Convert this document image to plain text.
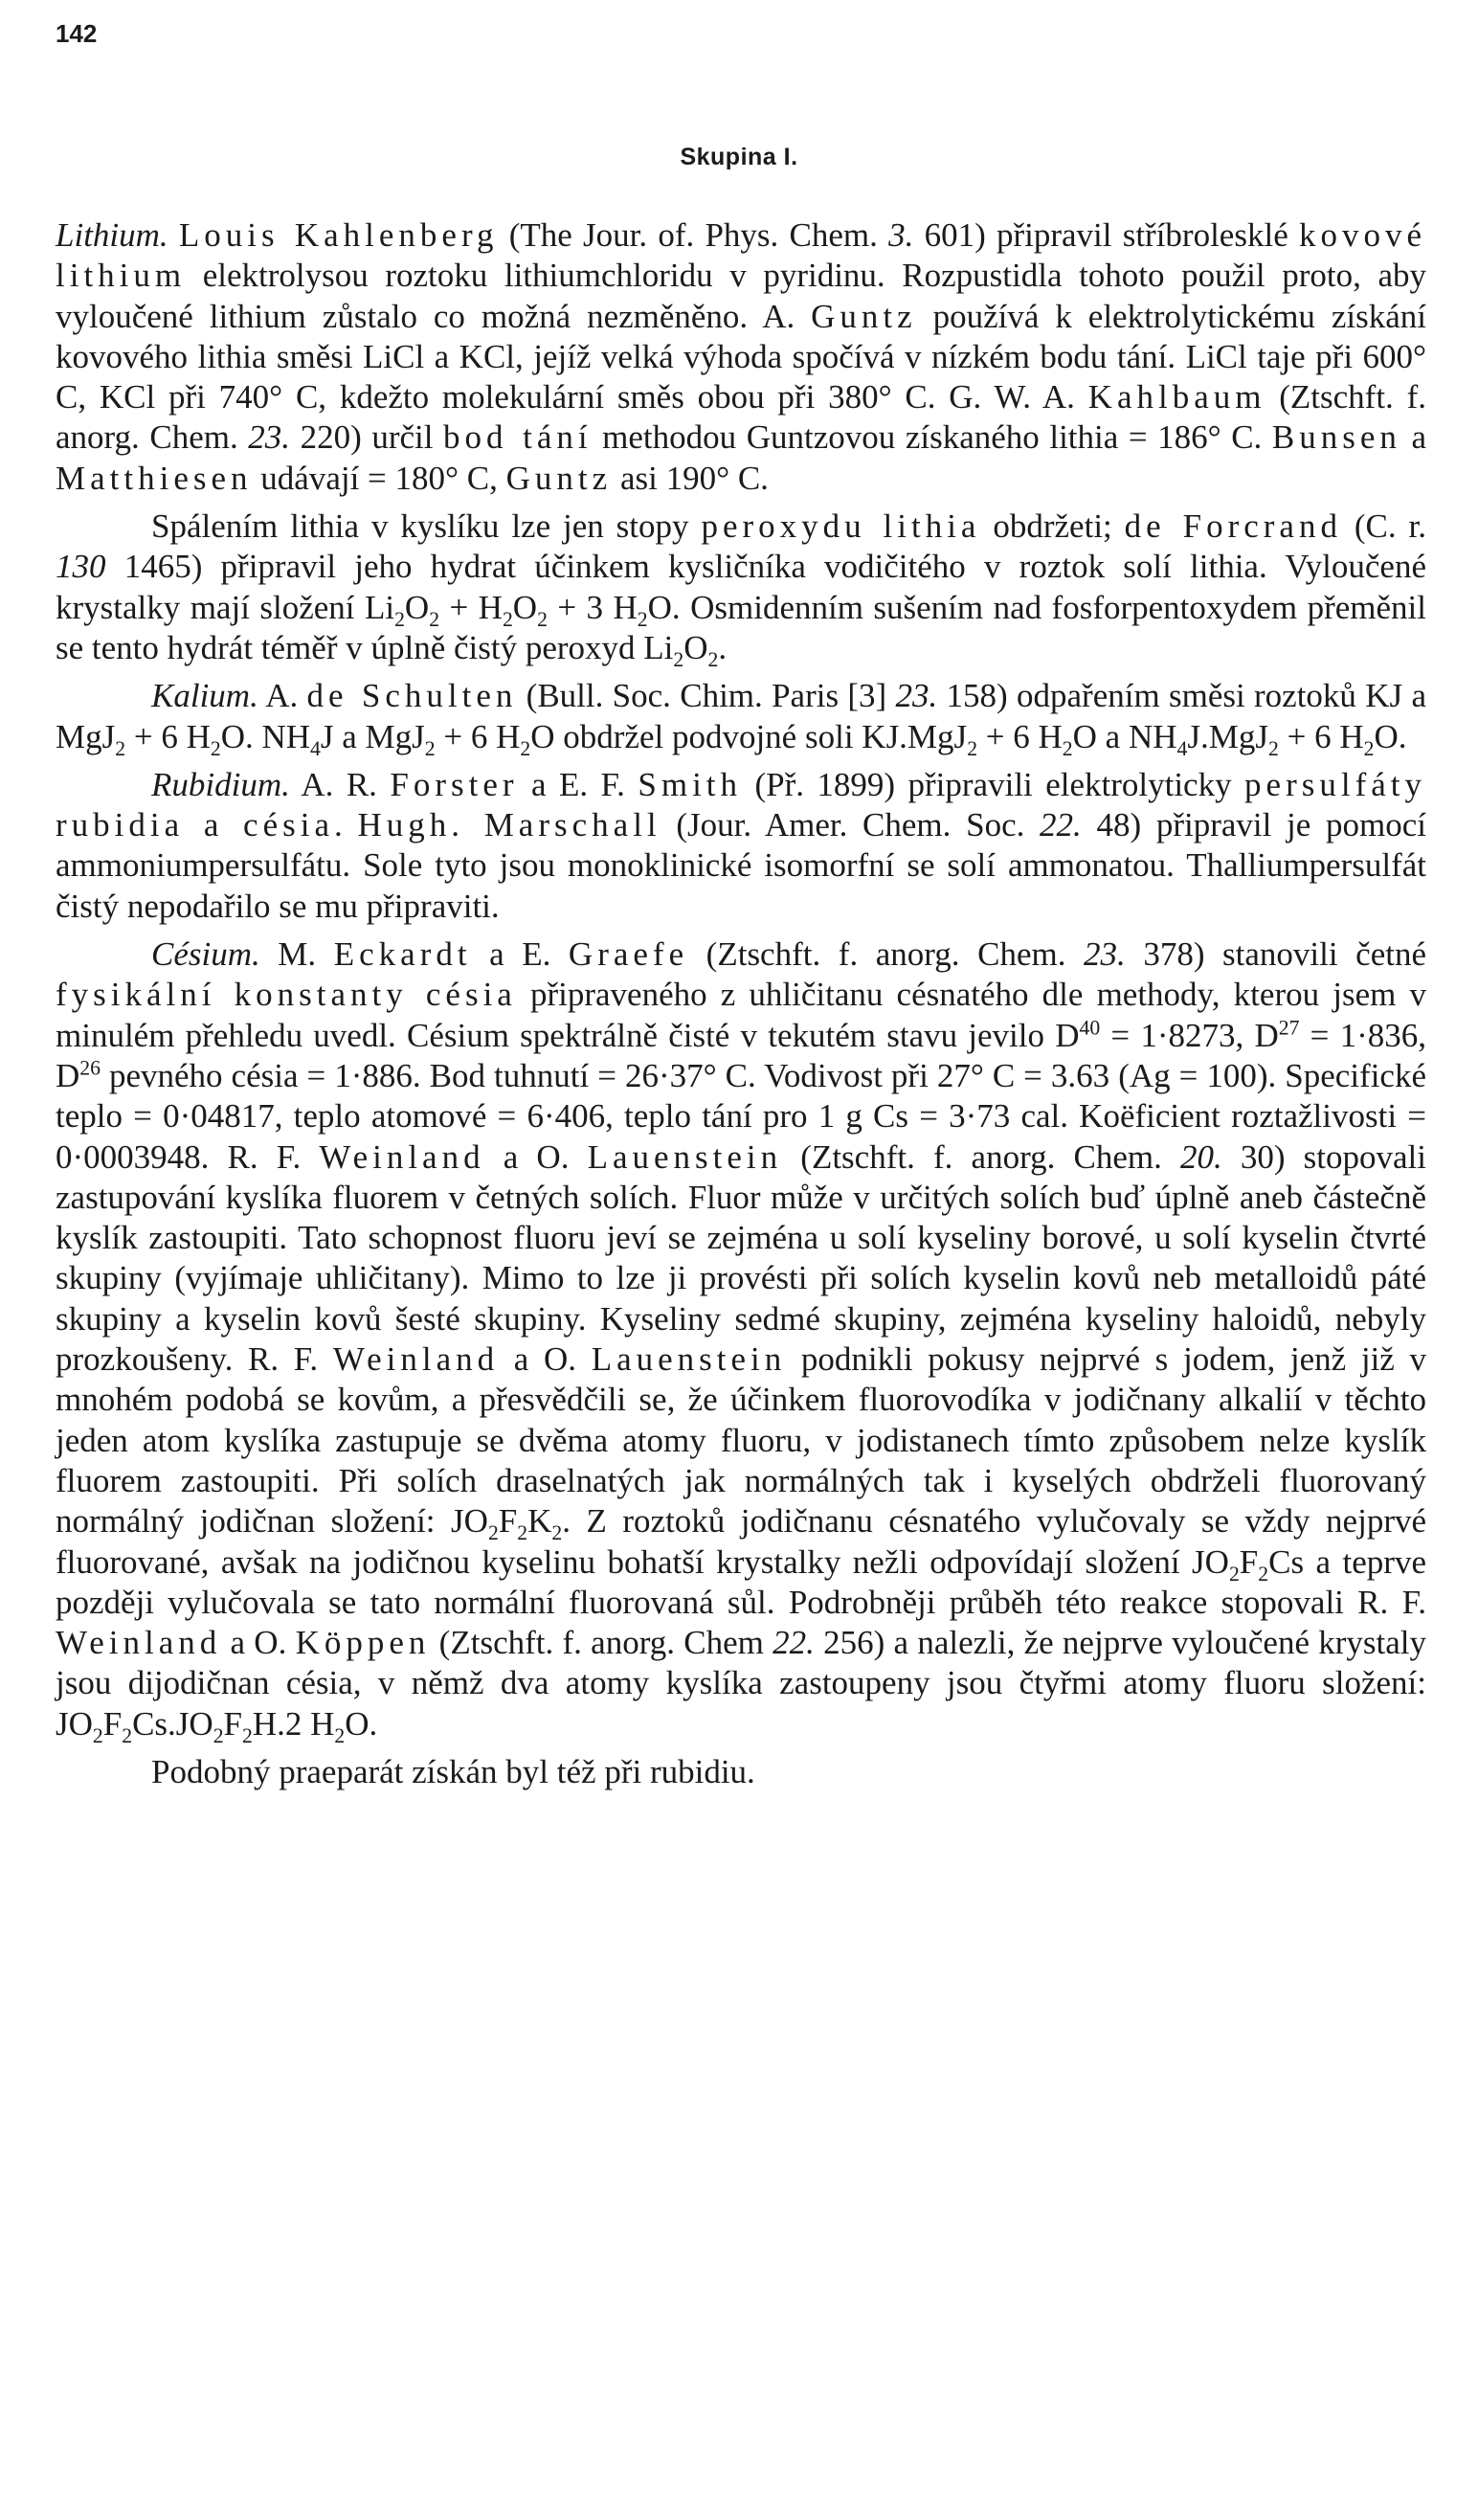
142
Skupina I.

Lithium. Louis Kahlenberg (The Jour. of. Phys. Chem. 3. 601) připravil stříbrolesklé kovové lithium elektrolysou roztoku lithiumchloridu v pyridinu. Rozpustidla tohoto použil proto, aby vyloučené lithium zůstalo co možná nezměněno. A. Guntz používá k elektrolytickému získání kovového lithia směsi LiCl a KCl, jejíž velká výhoda spočívá v nízkém bodu tání. LiCl taje při 600° C, KCl při 740° C, kdežto molekulární směs obou při 380° C. G. W. A. Kahlbaum (Ztschft. f. anorg. Chem. 23. 220) určil bod tání methodou Guntzovou získaného lithia = 186° C. Bunsen a Matthiesen udávají = 180° C, Guntz asi 190° C.

Spálením lithia v kyslíku lze jen stopy peroxydu lithia obdržeti; de Forcrand (C. r. 130 1465) připravil jeho hydrat účinkem kysličníka vodičitého v roztok solí lithia. Vyloučené krystalky mají složení $Li_2O_2 + H_2O_2 + 3$ $H_2O$. Osmidenním sušením nad fosforpentoxydem přeměnil se tento hydrát téměř v úplně čistý peroxyd $Li_2O_2$.

Kalium. A. de Schulten (Bull. Soc. Chim. Paris [3] 23. 158) odpařením směsi roztoků KJ a MgJ$_2$ + 6 $H_2O$. $NH_4J$ a MgJ$_2$ + 6 $H_2O$ obdržel podvojné soli KJ.MgJ$_2$ + 6 $H_2O$ a $NH_4J.MgJ_2 + 6$ $H_2O$.

Rubidium. A. R. Forster a E. F. Smith (Př. 1899) připravili elektrolyticky persulfáty rubidia a césia. Hugh. Marschall (Jour. Amer. Chem. Soc. 22. 48) připravil je pomocí ammoniumpersulfátu. Sole tyto jsou monoklinické isomorfní se solí ammonatou. Thalliumpersulfát čistý nepodařilo se mu připraviti.

Césium. M. Eckardt a E. Graefe (Ztschft. f. anorg. Chem. 23. 378) stanovili četné fysikální konstanty césia připraveného z uhličitanu césnatého dle methody, kterou jsem v minulém přehledu uvedl. Césium spektrálně čisté v tekutém stavu jevilo $D^{40} = 1\cdot 8273$, $D^{27} = 1\cdot 836$, $D^{26}$ pevného césia = 1·886. Bod tuhnutí = 26·37° C. Vodivost při 27° C = 3.63 (Ag = 100). Specifické teplo = 0·04817, teplo atomové = 6·406, teplo tání pro 1 g Cs = 3·73 cal. Koëficient roztažlivosti = 0·0003948. R. F. Weinland a O. Lauenstein (Ztschft. f. anorg. Chem. 20. 30) stopovali zastupování kyslíka fluorem v četných solích. Fluor může v určitých solích buď úplně aneb částečně kyslík zastoupiti. Tato schopnost fluoru jeví se zejména u solí kyseliny borové, u solí kyselin čtvrté skupiny (vyjímaje uhličitany). Mimo to lze ji provésti při solích kyselin kovů neb metalloidů páté skupiny a kyselin kovů šesté skupiny. Kyseliny sedmé skupiny, zejména kyseliny haloidů, nebyly prozkoušeny. R. F. Weinland a O. Lauenstein podnikli pokusy nejprvé s jodem, jenž již v mnohém podobá se kovům, a přesvědčili se, že účinkem fluorovodíka v jodičnany alkalií v těchto jeden atom kyslíka zastupuje se dvěma atomy fluoru, v jodistanech tímto způsobem nelze kyslík fluorem zastoupiti. Při solích draselnatých jak normálných tak i kyselých obdrželi fluorovaný normálný jodičnan složení: $JO_2F_2K_2$. Z roztoků jodičnanu césnatého vylučovaly se vždy nejprvé fluorované, avšak na jodičnou kyselinu bohatší krystalky nežli odpovídají složení $JO_2F_2Cs$ a teprve později vylučovala se tato normální fluorovaná sůl. Podrobněji průběh této reakce stopovali R. F. Weinland a O. Köppen (Ztschft. f. anorg. Chem 22. 256) a nalezli, že nejprve vyloučené krystaly jsou dijodičnan césia, v němž dva atomy kyslíka zastoupeny jsou čtyřmi atomy fluoru složení: $JO_2F_2Cs.JO_2F_2H.2$ $H_2O$.

Podobný praeparát získán byl též při rubidiu.
